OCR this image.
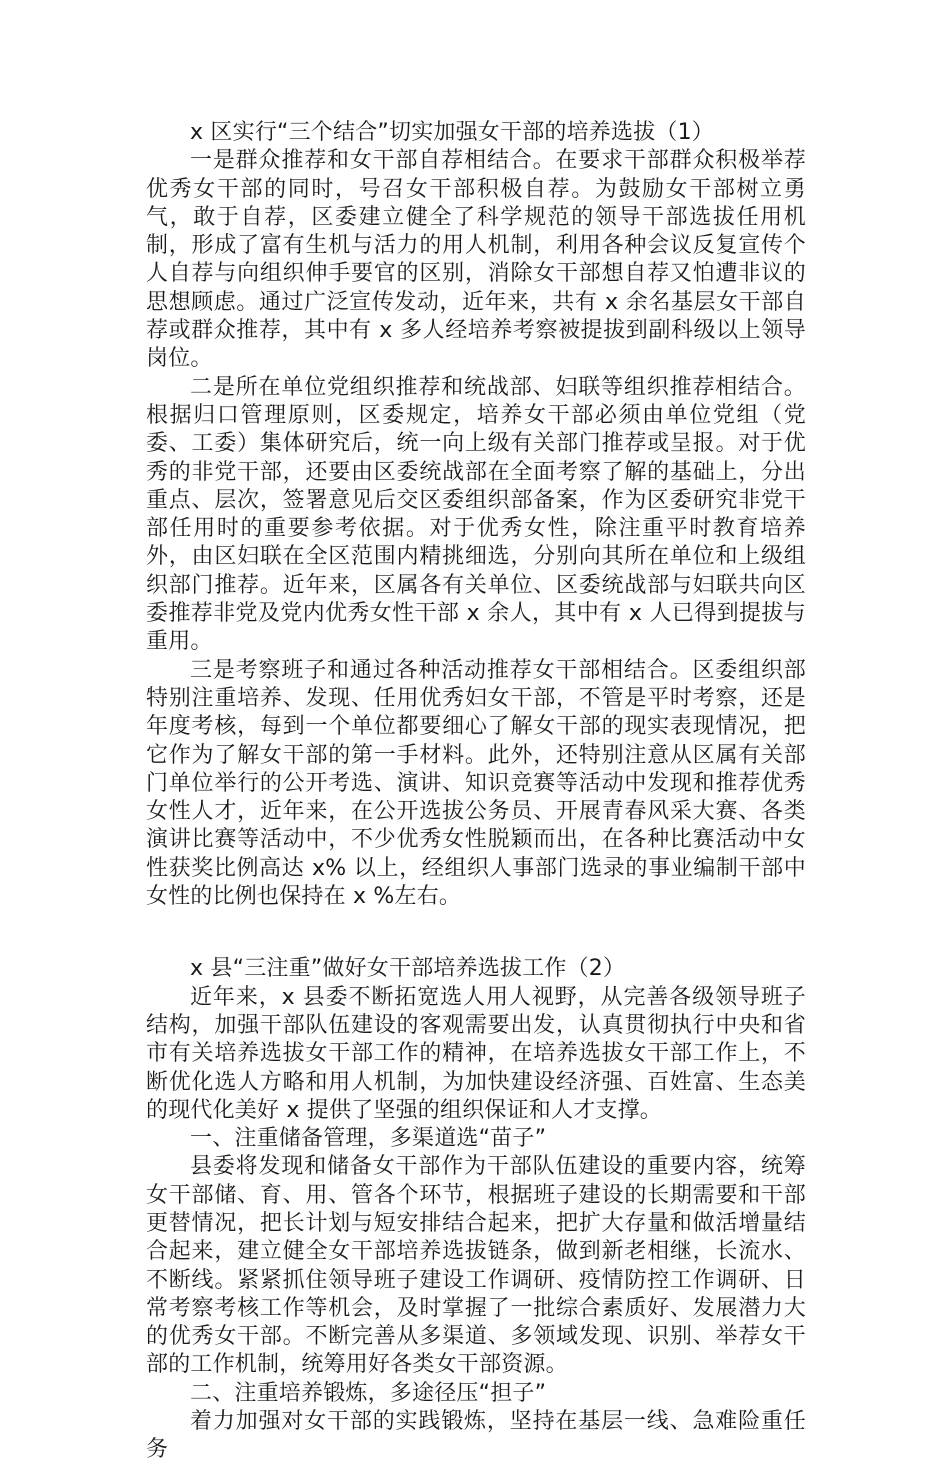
x 区实行“三个结合”切实加强女干部的培养选拔（1）

一是群众推荐和女干部自荐相结合。在要求干部群众积极举荐优秀女干部的同时，号召女干部积极自荐。为鼓励女干部树立勇气，敢于自荐，区委建立健全了科学规范的领导干部选拔任用机制，形成了富有生机与活力的用人机制，利用各种会议反复宣传个人自荐与向组织伸手要官的区别，消除女干部想自荐又怕遭非议的思想顾虑。通过广泛宣传发动，近年来，共有 x 余名基层女干部自荐或群众推荐，其中有 x 多人经培养考察被提拔到副科级以上领导岗位。

二是所在单位党组织推荐和统战部、妇联等组织推荐相结合。根据归口管理原则，区委规定，培养女干部必须由单位党组（党委、工委）集体研究后，统一向上级有关部门推荐或呈报。对于优秀的非党干部，还要由区委统战部在全面考察了解的基础上，分出重点、层次，签署意见后交区委组织部备案，作为区委研究非党干部任用时的重要参考依据。对于优秀女性，除注重平时教育培养外，由区妇联在全区范围内精挑细选，分别向其所在单位和上级组织部门推荐。近年来，区属各有关单位、区委统战部与妇联共向区委推荐非党及党内优秀女性干部 x 余人，其中有 x 人已得到提拔与重用。

三是考察班子和通过各种活动推荐女干部相结合。区委组织部特别注重培养、发现、任用优秀妇女干部，不管是平时考察，还是年度考核，每到一个单位都要细心了解女干部的现实表现情况，把它作为了解女干部的第一手材料。此外，还特别注意从区属有关部门单位举行的公开考选、演讲、知识竞赛等活动中发现和推荐优秀女性人才，近年来，在公开选拔公务员、开展青春风采大赛、各类演讲比赛等活动中，不少优秀女性脱颖而出，在各种比赛活动中女性获奖比例高达 x% 以上，经组织人事部门选录的事业编制干部中女性的比例也保持在 x %左右。

x 县“三注重”做好女干部培养选拔工作（2）

近年来，x 县委不断拓宽选人用人视野，从完善各级领导班子结构，加强干部队伍建设的客观需要出发，认真贯彻执行中央和省市有关培养选拔女干部工作的精神，在培养选拔女干部工作上，不断优化选人方略和用人机制，为加快建设经济强、百姓富、生态美的现代化美好 x 提供了坚强的组织保证和人才支撑。

一、注重储备管理，多渠道选“苗子”

县委将发现和储备女干部作为干部队伍建设的重要内容，统筹女干部储、育、用、管各个环节，根据班子建设的长期需要和干部更替情况，把长计划与短安排结合起来，把扩大存量和做活增量结合起来，建立健全女干部培养选拔链条，做到新老相继，长流水、不断线。紧紧抓住领导班子建设工作调研、疫情防控工作调研、日常考察考核工作等机会，及时掌握了一批综合素质好、发展潜力大的优秀女干部。不断完善从多渠道、多领域发现、识别、举荐女干部的工作机制，统筹用好各类女干部资源。

二、注重培养锻炼，多途径压“担子”

着力加强对女干部的实践锻炼，坚持在基层一线、急难险重任务
